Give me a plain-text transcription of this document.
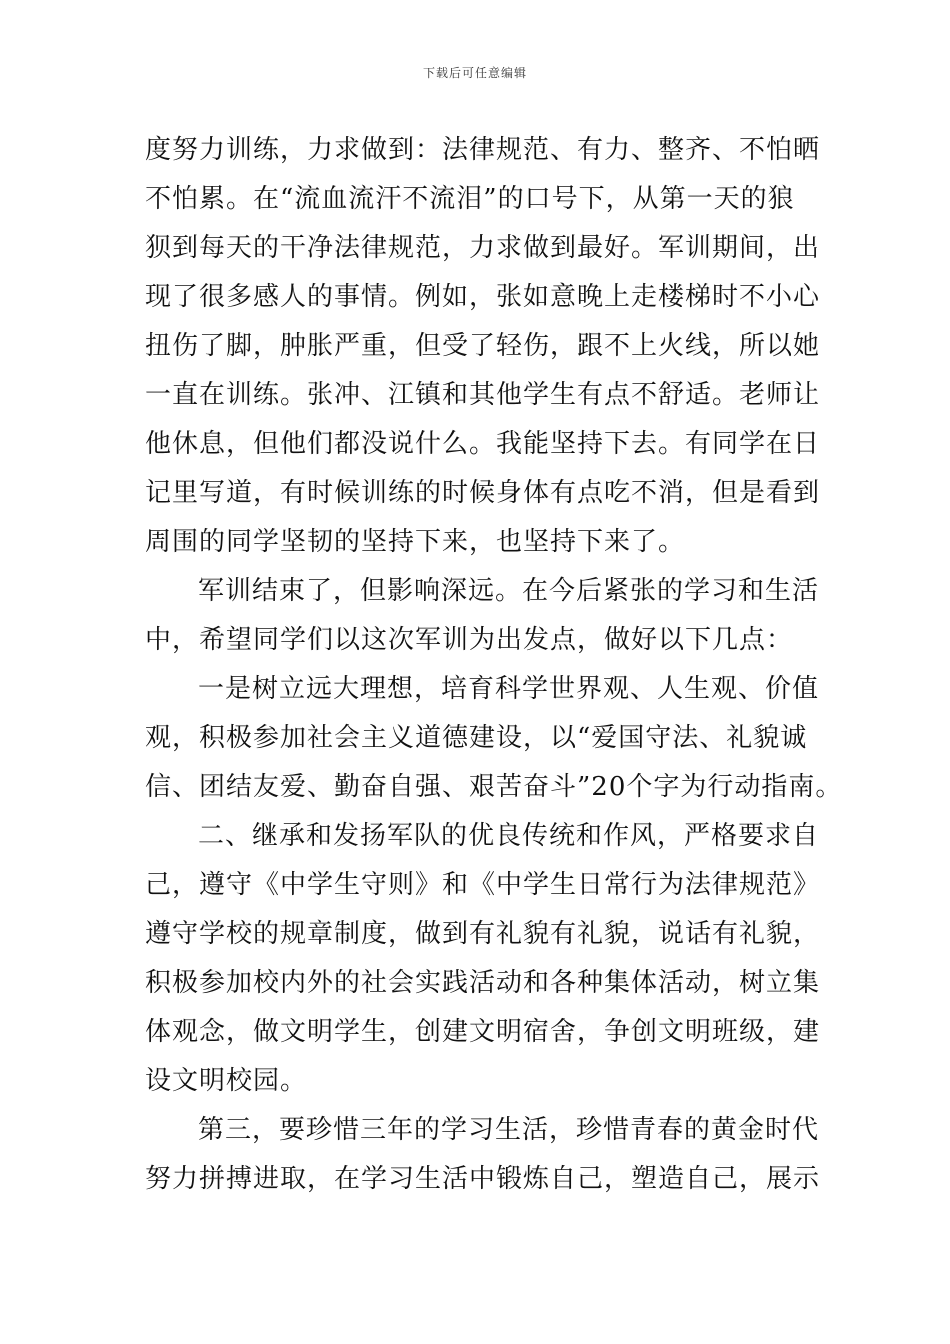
下载后可任意编辑
度努力训练，力求做到：法律规范、有力、整齐、不怕晒
不怕累。在“流血流汗不流泪”的口号下，从第一天的狼
狈到每天的干净法律规范，力求做到最好。军训期间，出
现了很多感人的事情。例如，张如意晚上走楼梯时不小心
扭伤了脚，肿胀严重，但受了轻伤，跟不上火线，所以她
一直在训练。张冲、江镇和其他学生有点不舒适。老师让
他休息，但他们都没说什么。我能坚持下去。有同学在日
记里写道，有时候训练的时候身体有点吃不消，但是看到
周围的同学坚韧的坚持下来，也坚持下来了。
军训结束了，但影响深远。在今后紧张的学习和生活
中，希望同学们以这次军训为出发点，做好以下几点：
一是树立远大理想，培育科学世界观、人生观、价值
观，积极参加社会主义道德建设，以“爱国守法、礼貌诚
信、团结友爱、勤奋自强、艰苦奋斗”20个字为行动指南。
二、继承和发扬军队的优良传统和作风，严格要求自
己，遵守《中学生守则》和《中学生日常行为法律规范》
遵守学校的规章制度，做到有礼貌有礼貌，说话有礼貌，
积极参加校内外的社会实践活动和各种集体活动，树立集
体观念，做文明学生，创建文明宿舍，争创文明班级，建
设文明校园。
第三，要珍惜三年的学习生活，珍惜青春的黄金时代
努力拼搏进取，在学习生活中锻炼自己，塑造自己，展示
